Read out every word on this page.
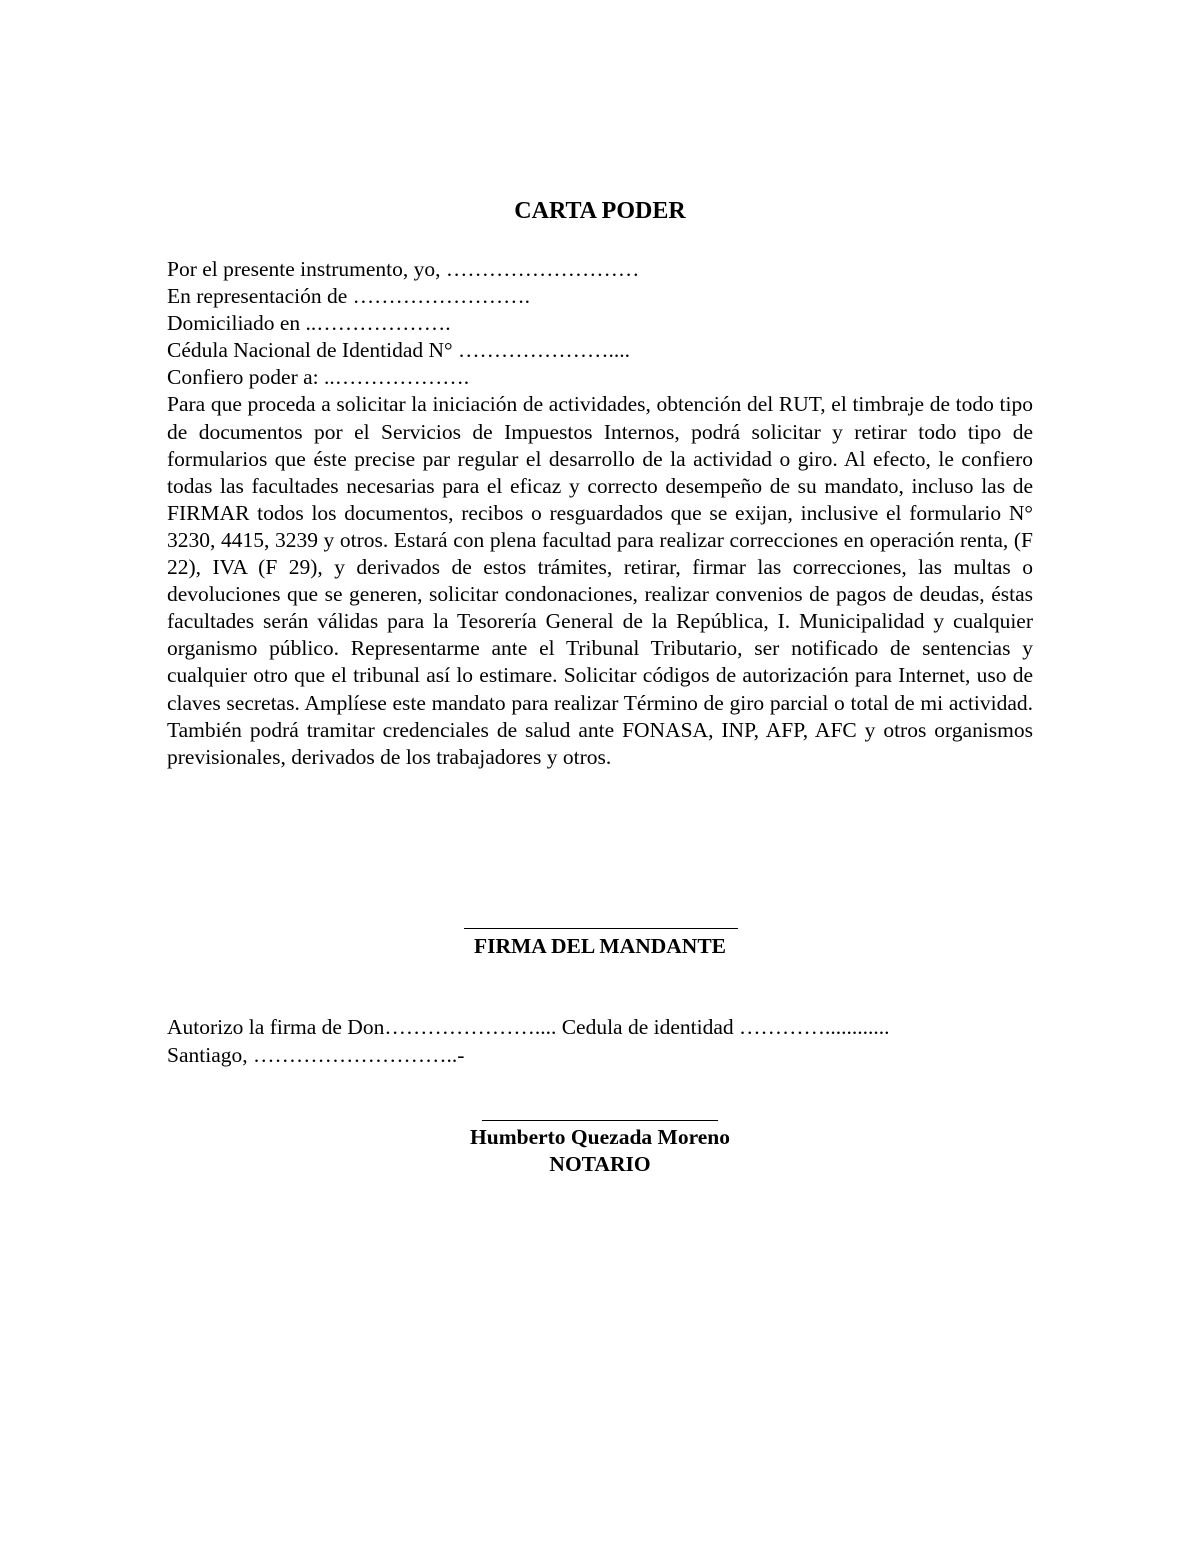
CARTA PODER
Por el presente instrumento, yo, ………………………
En representación de …………………….
Domiciliado en ..……………….
Cédula Nacional de Identidad N° …………………....
Confiero poder a: ..……………….
Para que proceda a solicitar la iniciación de actividades, obtención del RUT, el timbraje de todo tipo de documentos por el Servicios de Impuestos Internos, podrá solicitar y retirar todo tipo de formularios que éste precise par regular el desarrollo de la actividad o giro. Al efecto, le confiero todas las facultades necesarias para el eficaz y correcto desempeño de su mandato, incluso las de FIRMAR todos los documentos, recibos o resguardados que se exijan, inclusive el formulario N° 3230, 4415, 3239 y otros. Estará con plena facultad para realizar correcciones en operación renta, (F 22), IVA (F 29), y derivados de estos trámites, retirar, firmar las correcciones, las multas o devoluciones que se generen, solicitar condonaciones, realizar convenios de pagos de deudas, éstas facultades serán válidas para la Tesorería General de la República, I. Municipalidad y cualquier organismo público. Representarme ante el Tribunal Tributario, ser notificado de sentencias y cualquier otro que el tribunal así lo estimare. Solicitar códigos de autorización para Internet, uso de claves secretas. Amplíese este mandato para realizar Término de giro parcial o total de mi actividad. También podrá tramitar credenciales de salud ante FONASA, INP, AFP, AFC y otros organismos previsionales, derivados de los trabajadores y otros.
FIRMA DEL MANDANTE
Autorizo la firma de Don………………….... Cedula de identidad …………............
Santiago, ………………………..-
Humberto Quezada Moreno
NOTARIO
